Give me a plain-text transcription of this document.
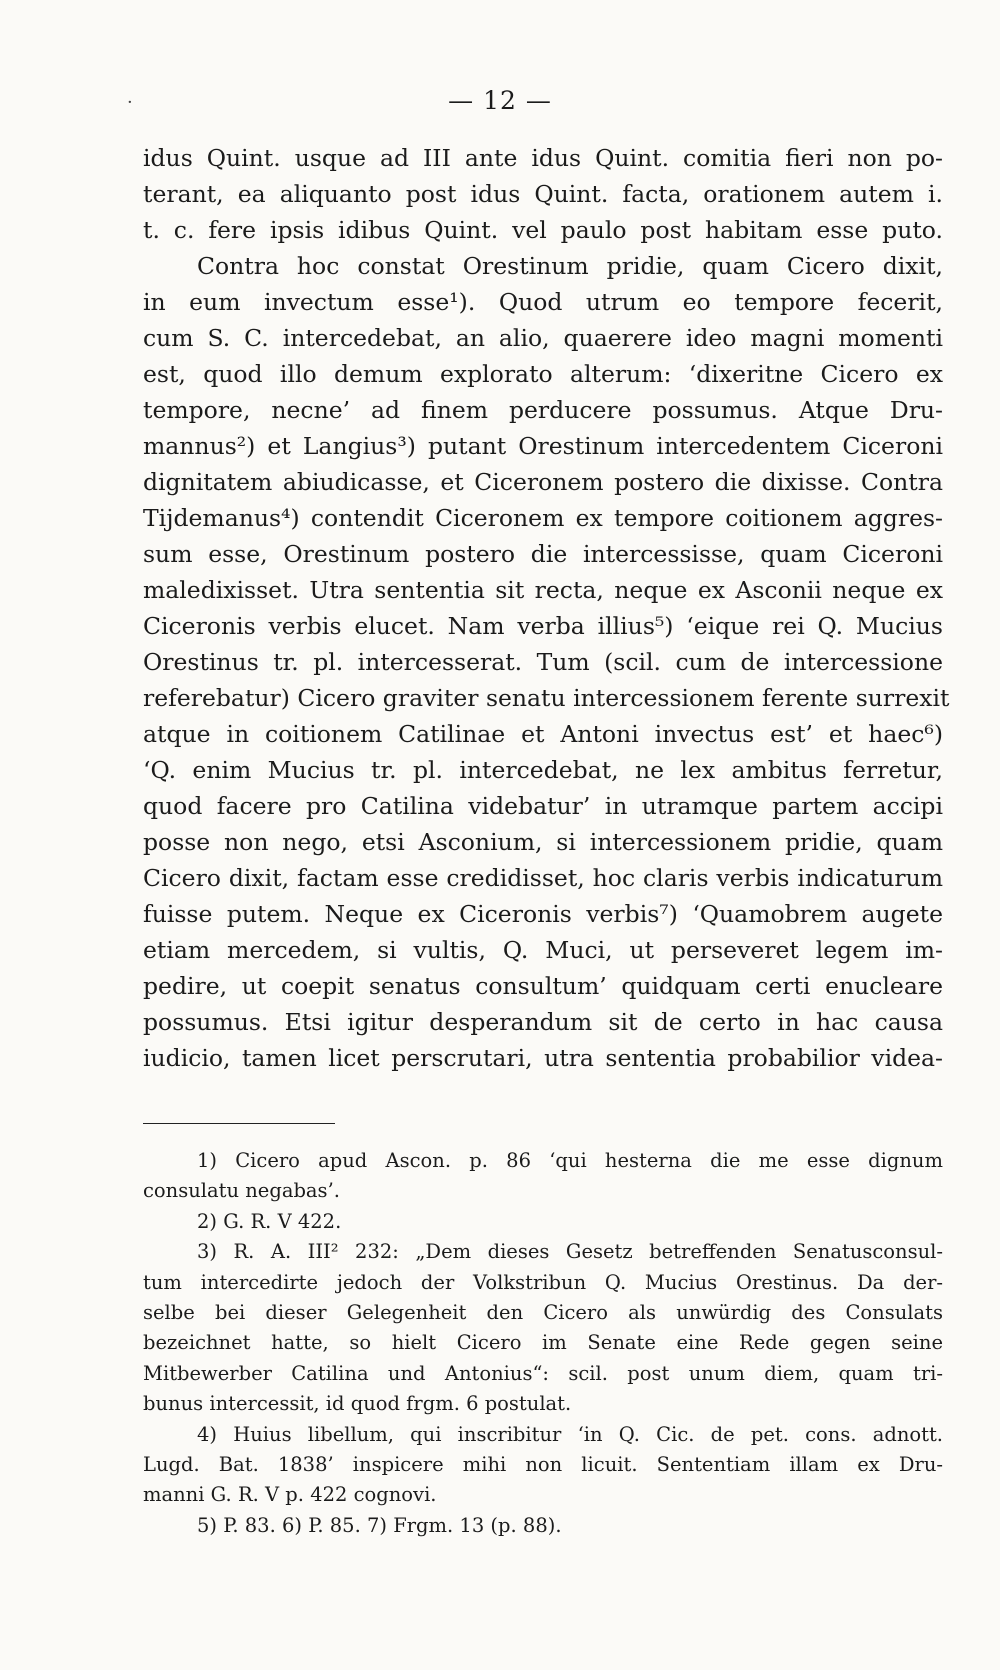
·	— 12 —
idus Quint. usque ad III ante idus Quint. comitia fieri non po-
terant, ea aliquanto post idus Quint. facta, orationem autem i.
t. c. fere ipsis idibus Quint. vel paulo post habitam esse puto.
Contra hoc constat Orestinum pridie, quam Cicero dixit,
in eum invectum esse¹). Quod utrum eo tempore fecerit,
cum S. C. intercedebat, an alio, quaerere ideo magni momenti
est, quod illo demum explorato alterum: ‘dixeritne Cicero ex
tempore, necne’ ad finem perducere possumus. Atque Dru-
mannus²) et Langius³) putant Orestinum intercedentem Ciceroni
dignitatem abiudicasse, et Ciceronem postero die dixisse. Contra
Tijdemanus⁴) contendit Ciceronem ex tempore coitionem aggres-
sum esse, Orestinum postero die intercessisse, quam Ciceroni
maledixisset. Utra sententia sit recta, neque ex Asconii neque ex
Ciceronis verbis elucet. Nam verba illius⁵) ‘eique rei Q. Mucius
Orestinus tr. pl. intercesserat. Tum (scil. cum de intercessione
referebatur) Cicero graviter senatu intercessionem ferente surrexit
atque in coitionem Catilinae et Antoni invectus est’ et haec⁶)
‘Q. enim Mucius tr. pl. intercedebat, ne lex ambitus ferretur,
quod facere pro Catilina videbatur’ in utramque partem accipi
posse non nego, etsi Asconium, si intercessionem pridie, quam
Cicero dixit, factam esse credidisset, hoc claris verbis indicaturum
fuisse putem. Neque ex Ciceronis verbis⁷) ‘Quamobrem augete
etiam mercedem, si vultis, Q. Muci, ut perseveret legem im-
pedire, ut coepit senatus consultum’ quidquam certi enucleare
possumus. Etsi igitur desperandum sit de certo in hac causa
iudicio, tamen licet perscrutari, utra sententia probabilior videa-
1) Cicero apud Ascon. p. 86 ‘qui hesterna die me esse dignum
consulatu negabas’.
2) G. R. V 422.
3) R. A. III² 232: „Dem dieses Gesetz betreffenden Senatusconsul-
tum intercedirte jedoch der Volkstribun Q. Mucius Orestinus. Da der-
selbe bei dieser Gelegenheit den Cicero als unwürdig des Consulats
bezeichnet hatte, so hielt Cicero im Senate eine Rede gegen seine
Mitbewerber Catilina und Antonius“: scil. post unum diem, quam tri-
bunus intercessit, id quod frgm. 6 postulat.
4) Huius libellum, qui inscribitur ‘in Q. Cic. de pet. cons. adnott.
Lugd. Bat. 1838’ inspicere mihi non licuit. Sententiam illam ex Dru-
manni G. R. V p. 422 cognovi.
5) P. 83. 6) P. 85. 7) Frgm. 13 (p. 88).
